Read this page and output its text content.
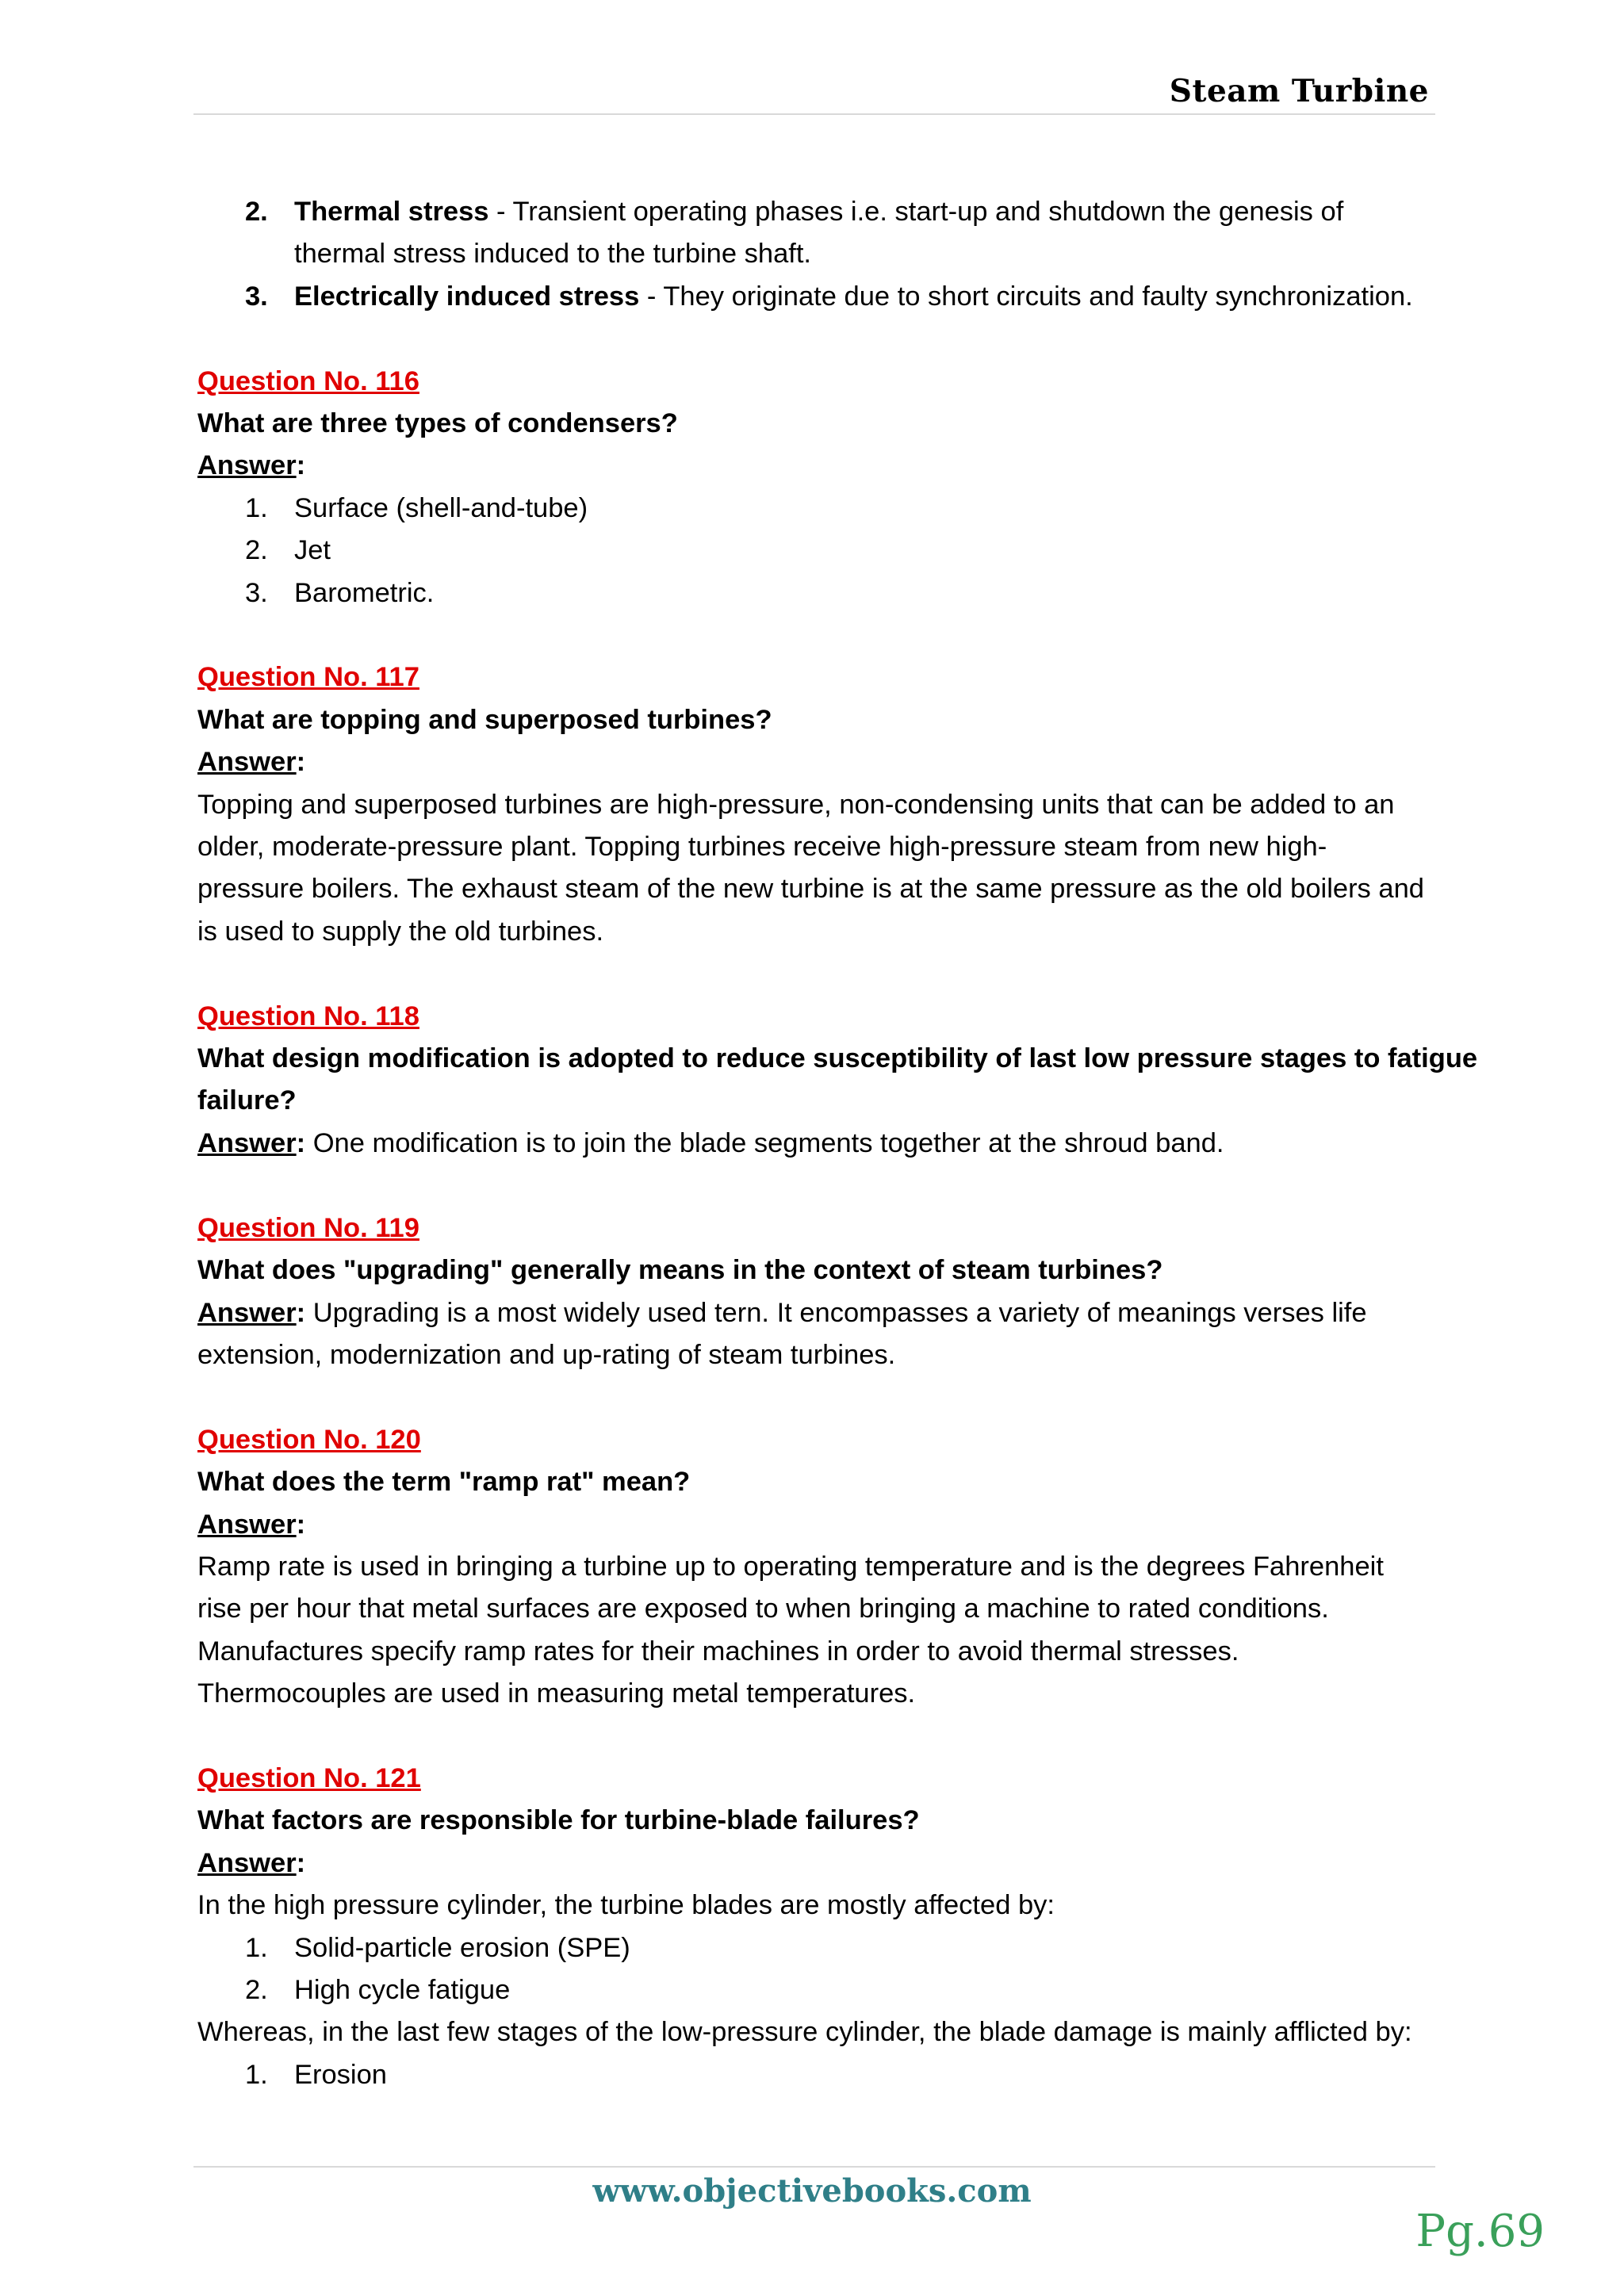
Steam Turbine
2. Thermal stress - Transient operating phases i.e. start-up and shutdown the genesis of
thermal stress induced to the turbine shaft.
3. Electrically induced stress - They originate due to short circuits and faulty synchronization.
Question No. 116
What are three types of condensers?
Answer:
1. Surface (shell-and-tube)
2. Jet
3. Barometric.
Question No. 117
What are topping and superposed turbines?
Answer:
Topping and superposed turbines are high-pressure, non-condensing units that can be added to an
older, moderate-pressure plant. Topping turbines receive high-pressure steam from new high-
pressure boilers. The exhaust steam of the new turbine is at the same pressure as the old boilers and
is used to supply the old turbines.
Question No. 118
What design modification is adopted to reduce susceptibility of last low pressure stages to fatigue
failure?
Answer: One modification is to join the blade segments together at the shroud band.
Question No. 119
What does "upgrading" generally means in the context of steam turbines?
Answer: Upgrading is a most widely used tern. It encompasses a variety of meanings verses life
extension, modernization and up-rating of steam turbines.
Question No. 120
What does the term "ramp rat" mean?
Answer:
Ramp rate is used in bringing a turbine up to operating temperature and is the degrees Fahrenheit
rise per hour that metal surfaces are exposed to when bringing a machine to rated conditions.
Manufactures specify ramp rates for their machines in order to avoid thermal stresses.
Thermocouples are used in measuring metal temperatures.
Question No. 121
What factors are responsible for turbine-blade failures?
Answer:
In the high pressure cylinder, the turbine blades are mostly affected by:
1. Solid-particle erosion (SPE)
2. High cycle fatigue
Whereas, in the last few stages of the low-pressure cylinder, the blade damage is mainly afflicted by:
1. Erosion
www.objectivebooks.com
Pg.69
